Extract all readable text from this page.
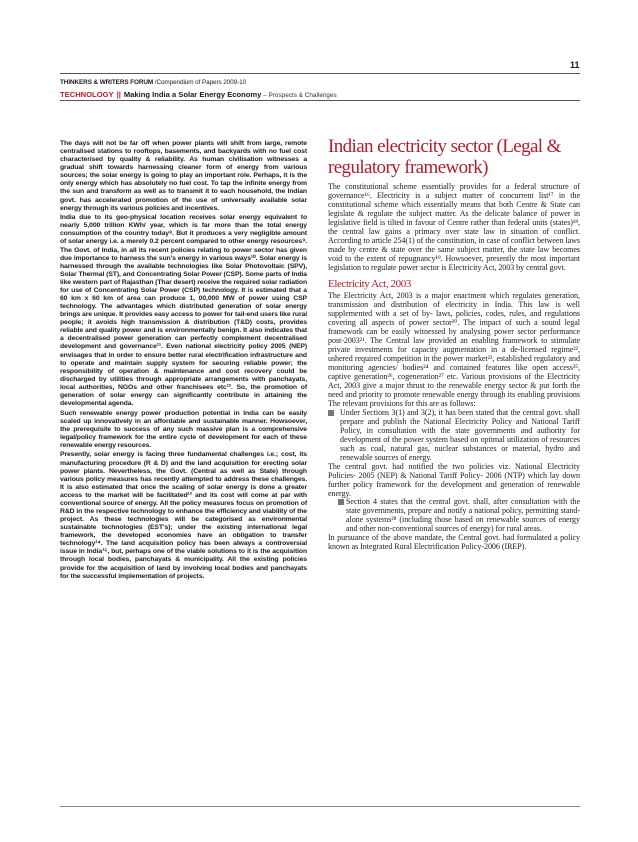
11
THINKERS & WRITERS FORUM /Compendium of Papers 2009-10
TECHNOLOGY || Making India a Solar Energy Economy – Prospects & Challenges

The days will not be far off when power plants will shift from large, remote centralised stations to rooftops, basements, and backyards with no fuel cost characterised by quality & reliability. As human civilisation witnesses a gradual shift towards harnessing cleaner form of energy from various sources; the solar energy is going to play an important role. Perhaps, it is the only energy which has absolutely no fuel cost. To tap the infinite energy from the sun and transform as well as to transmit it to each household, the Indian govt. has accelerated promotion of the use of universally available solar energy through its various policies and incentives.

India due to its geo-physical location receives solar energy equivalent to nearly 5,000 trillion KWh/ year, which is far more than the total energy consumption of the country today⁸. But it produces a very negligible amount of solar energy i.e. a merely 0.2 percent compared to other energy resources⁹. The Govt. of India, in all its recent policies relating to power sector has given due importance to harness the sun's energy in various ways¹⁰. Solar energy is harnessed through the available technologies like Solar Photovoltaic (SPV), Solar Thermal (ST), and Concentrating Solar Power (CSP). Some parts of India like western part of Rajasthan (Thar desert) receive the required solar radiation for use of Concentrating Solar Power (CSP) technology. It is estimated that a 60 km x 60 km of area can produce 1, 00,000 MW of power using CSP technology. The advantages which distributed generation of solar energy brings are unique. It provides easy access to power for tail-end users like rural people; it avoids high transmission & distribution (T&D) costs, provides reliable and quality power and is environmentally benign. It also indicates that a decentralised power generation can perfectly complement decentralised development and governance¹¹. Even national electricity policy 2005 (NEP) envisages that in order to ensure better rural electrification infrastructure and to operate and maintain supply system for securing reliable power; the responsibility of operation & maintenance and cost recovery could be discharged by utilities through appropriate arrangements with panchayats, local authorities, NGOs and other franchisees etc¹². So, the promotion of generation of solar energy can significantly contribute in attaining the developmental agenda.

Such renewable energy power production potential in India can be easily scaled up innovatively in an affordable and sustainable manner. Howsoever, the prerequisite to success of any such massive plan is a comprehensive legal/policy framework for the entire cycle of development for each of these renewable energy resources.

Presently, solar energy is facing three fundamental challenges i.e.; cost, its manufacturing procedure (R & D) and the land acquisition for erecting solar power plants. Nevertheless, the Govt. (Central as well as State) through various policy measures has recently attempted to address these challenges. It is also estimated that once the scaling of solar energy is done a greater access to the market will be facilitated¹³ and its cost will come at par with conventional source of energy. All the policy measures focus on promotion of R&D in the respective technology to enhance the efficiency and viability of the project. As these technologies will be categorised as environmental sustainable technologies (EST's); under the existing international legal framework, the developed economies have an obligation to transfer technology¹⁴. The land acquisition policy has been always a controversial issue in India¹⁵, but, perhaps one of the viable solutions to it is the acquisition through local bodies, panchayats & municipality. All the existing policies provide for the acquisition of land by involving local bodies and panchayats for the successful implementation of projects.

Indian electricity sector (Legal & regulatory framework)

The constitutional scheme essentially provides for a federal structure of governance¹⁶. Electricity is a subject matter of concurrent list¹⁷ in the constitutional scheme which essentially means that both Centre & State can legislate & regulate the subject matter. As the delicate balance of power in legislative field is tilted in favour of Centre rather than federal units (states)¹⁸, the central law gains a primacy over state law in situation of conflict. According to article 254(1) of the constitution, in case of conflict between laws made by centre & state over the same subject matter, the state law becomes void to the extent of repugnancy¹⁹. Howsoever, presently the most important legislation to regulate power sector is Electricity Act, 2003 by central govt.

Electricity Act, 2003

The Electricity Act, 2003 is a major enactment which regulates generation, transmission and distribution of electricity in India. This law is well supplemented with a set of by- laws, policies, codes, rules, and regulations covering all aspects of power sector²⁰. The impact of such a sound legal framework can be easily witnessed by analysing power sector performance post-2003²¹. The Central law provided an enabling framework to stimulate private investments for capacity augmentation in a de-licensed regime²², ushered required competition in the power market²³, established regulatory and monitoring agencies/ bodies²⁴ and contained features like open access²⁵, captive generation²⁶, cogeneration²⁷ etc. Various provisions of the Electricity Act, 2003 give a major thrust to the renewable energy sector & put forth the need and priority to promote renewable energy through its enabling provisions The relevant provisions for this are as follows:

Under Sections 3(1) and 3(2), it has been stated that the central govt. shall prepare and publish the National Electricity Policy and National Tariff Policy, in consultation with the state governments and authority for development of the power system based on optimal utilization of resources such as coal, natural gas, nuclear substances or material, hydro and renewable sources of energy.

The central govt. had notified the two policies viz. National Electricity Policies- 2005 (NEP) & National Tariff Policy- 2006 (NTP) which lay down further policy framework for the development and generation of renewable energy.

Section 4 states that the central govt. shall, after consultation with the state governments, prepare and notify a national policy, permitting stand-alone systems²⁸ (including those based on renewable sources of energy and other non-conventional sources of energy) for rural areas.

In pursuance of the above mandate, the Central govt. had formulated a policy known as Integrated Rural Electrification Policy-2006 (IREP).
